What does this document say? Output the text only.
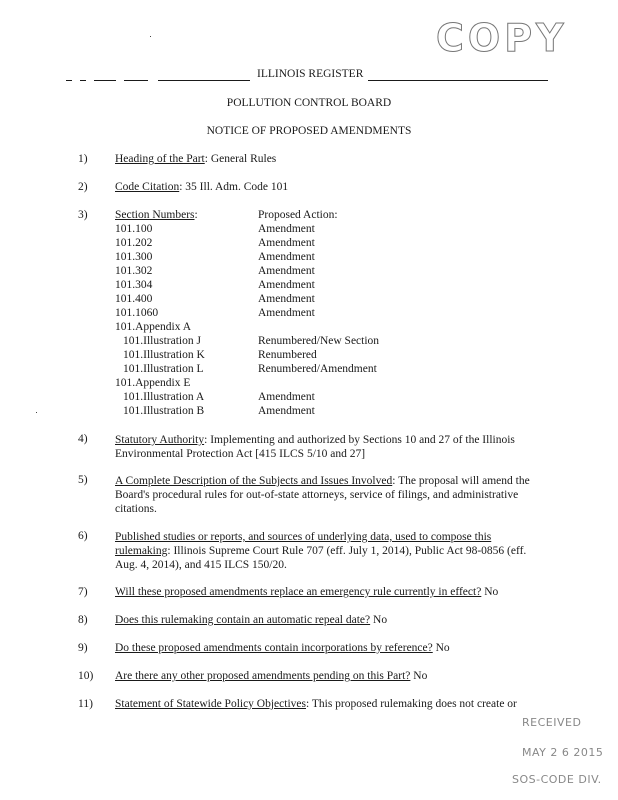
COPY
ILLINOIS REGISTER
POLLUTION CONTROL BOARD
NOTICE OF PROPOSED AMENDMENTS
1)	Heading of the Part: General Rules
2)	Code Citation: 35 Ill. Adm. Code 101
3)	Section Numbers:	Proposed Action:
101.100	Amendment
101.202	Amendment
101.300	Amendment
101.302	Amendment
101.304	Amendment
101.400	Amendment
101.1060	Amendment
101.Appendix A
101.Illustration J	Renumbered/New Section
101.Illustration K	Renumbered
101.Illustration L	Renumbered/Amendment
101.Appendix E
101.Illustration A	Amendment
101.Illustration B	Amendment
4)	Statutory Authority: Implementing and authorized by Sections 10 and 27 of the Illinois Environmental Protection Act [415 ILCS 5/10 and 27]
5)	A Complete Description of the Subjects and Issues Involved: The proposal will amend the Board's procedural rules for out-of-state attorneys, service of filings, and administrative citations.
6)	Published studies or reports, and sources of underlying data, used to compose this rulemaking: Illinois Supreme Court Rule 707 (eff. July 1, 2014), Public Act 98-0856 (eff. Aug. 4, 2014), and 415 ILCS 150/20.
7)	Will these proposed amendments replace an emergency rule currently in effect? No
8)	Does this rulemaking contain an automatic repeal date? No
9)	Do these proposed amendments contain incorporations by reference? No
10)	Are there any other proposed amendments pending on this Part? No
11)	Statement of Statewide Policy Objectives: This proposed rulemaking does not create or
RECEIVED
MAY 2 6 2015
SOS-CODE DIV.
